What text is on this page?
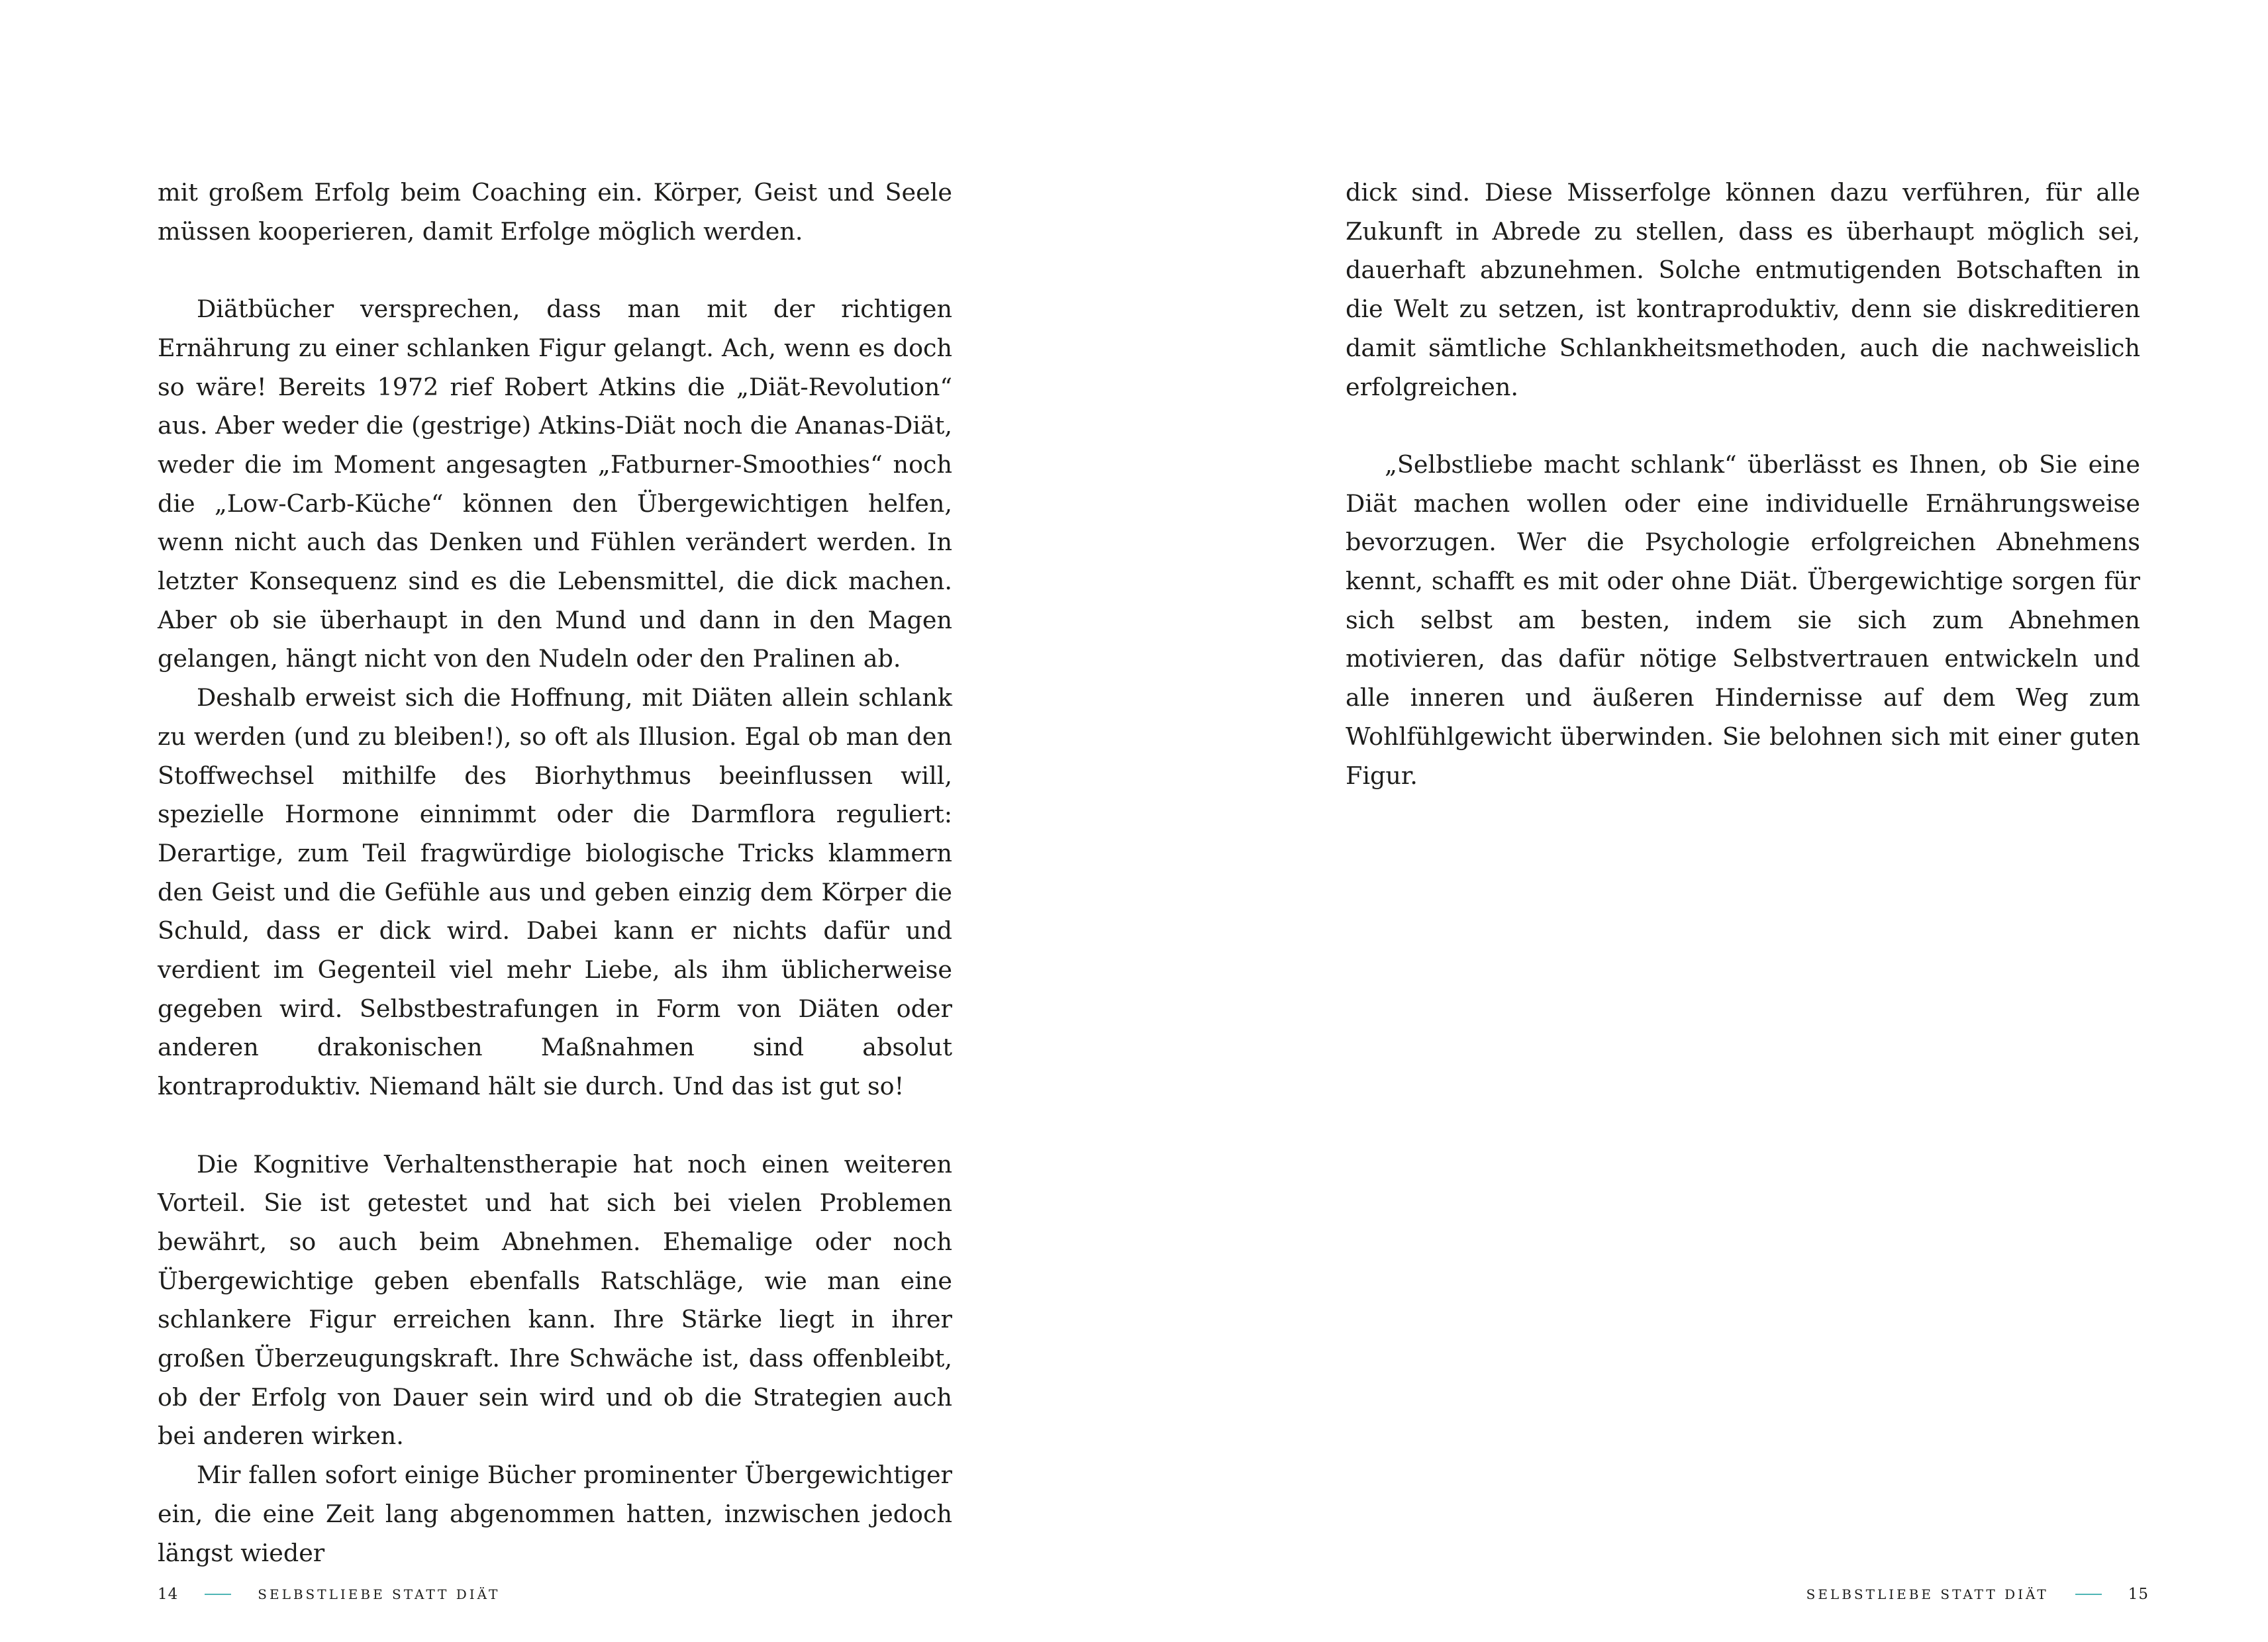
mit großem Erfolg beim Coaching ein. Körper, Geist und Seele müssen kooperieren, damit Erfolge möglich werden.

Diätbücher versprechen, dass man mit der richtigen Ernährung zu einer schlanken Figur gelangt. Ach, wenn es doch so wäre! Bereits 1972 rief Robert Atkins die „Diät-Revolution“ aus. Aber weder die (gestrige) Atkins-Diät noch die Ananas-Diät, weder die im Moment angesagten „Fatburner-Smoothies“ noch die „Low-Carb-Küche“ können den Übergewichtigen helfen, wenn nicht auch das Denken und Fühlen verändert werden. In letzter Konsequenz sind es die Lebensmittel, die dick machen. Aber ob sie überhaupt in den Mund und dann in den Magen gelangen, hängt nicht von den Nudeln oder den Pralinen ab.

Deshalb erweist sich die Hoffnung, mit Diäten allein schlank zu werden (und zu bleiben!), so oft als Illusion. Egal ob man den Stoffwechsel mithilfe des Biorhythmus beeinflussen will, spezielle Hormone einnimmt oder die Darmflora reguliert: Derartige, zum Teil fragwürdige biologische Tricks klammern den Geist und die Gefühle aus und geben einzig dem Körper die Schuld, dass er dick wird. Dabei kann er nichts dafür und verdient im Gegenteil viel mehr Liebe, als ihm üblicherweise gegeben wird. Selbstbestrafungen in Form von Diäten oder anderen drakonischen Maßnahmen sind absolut kontraproduktiv. Niemand hält sie durch. Und das ist gut so!

Die Kognitive Verhaltenstherapie hat noch einen weiteren Vorteil. Sie ist getestet und hat sich bei vielen Problemen bewährt, so auch beim Abnehmen. Ehemalige oder noch Übergewichtige geben ebenfalls Ratschläge, wie man eine schlankere Figur erreichen kann. Ihre Stärke liegt in ihrer großen Überzeugungskraft. Ihre Schwäche ist, dass offenbleibt, ob der Erfolg von Dauer sein wird und ob die Strategien auch bei anderen wirken.

Mir fallen sofort einige Bücher prominenter Übergewichtiger ein, die eine Zeit lang abgenommen hatten, inzwischen jedoch längst wieder

14	SELBSTLIEBE STATT DIÄT

dick sind. Diese Misserfolge können dazu verführen, für alle Zukunft in Abrede zu stellen, dass es überhaupt möglich sei, dauerhaft abzunehmen. Solche entmutigenden Botschaften in die Welt zu setzen, ist kontraproduktiv, denn sie diskreditieren damit sämtliche Schlankheitsmethoden, auch die nachweislich erfolgreichen.

„Selbstliebe macht schlank“ überlässt es Ihnen, ob Sie eine Diät machen wollen oder eine individuelle Ernährungsweise bevorzugen. Wer die Psychologie erfolgreichen Abnehmens kennt, schafft es mit oder ohne Diät. Übergewichtige sorgen für sich selbst am besten, indem sie sich zum Abnehmen motivieren, das dafür nötige Selbstvertrauen entwickeln und alle inneren und äußeren Hindernisse auf dem Weg zum Wohlfühlgewicht überwinden. Sie belohnen sich mit einer guten Figur.

SELBSTLIEBE STATT DIÄT	15
